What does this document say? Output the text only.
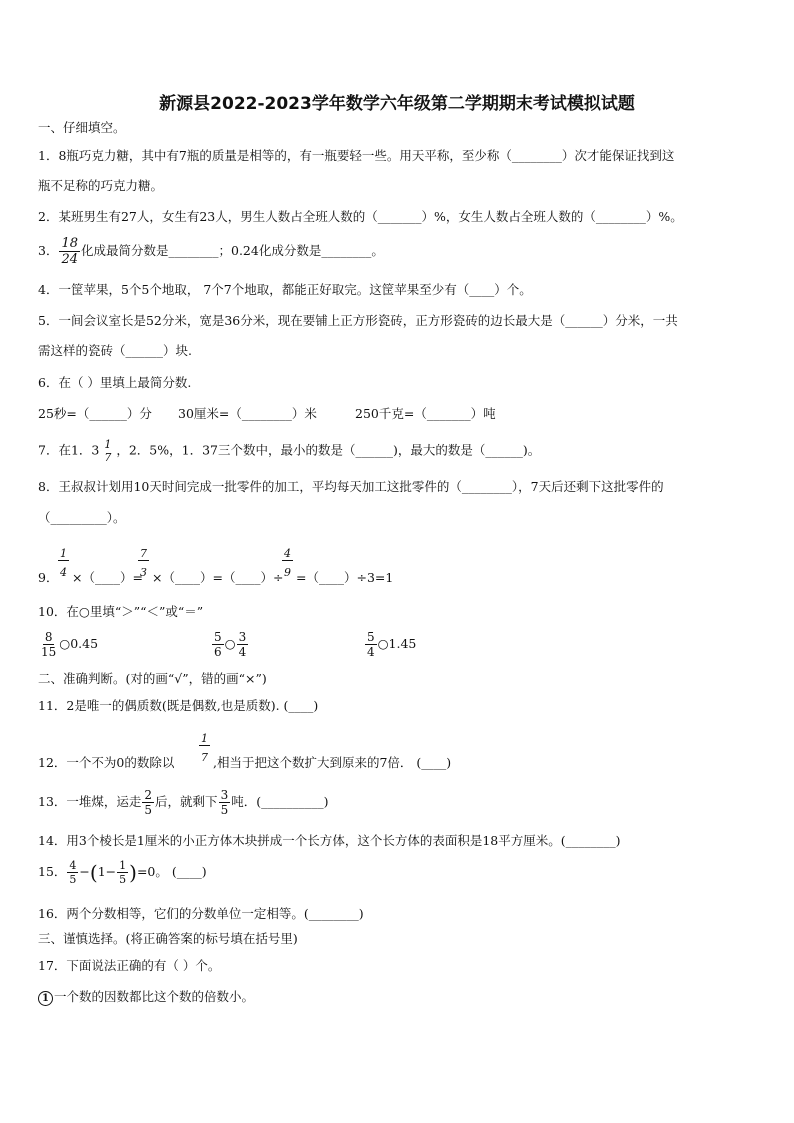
新源县2022-2023学年数学六年级第二学期期末考试模拟试题
一、仔细填空。
1．8瓶巧克力糖，其中有7瓶的质量是相等的，有一瓶要轻一些。用天平称，至少称（________）次才能保证找到这
瓶不足称的巧克力糖。
2．某班男生有27人，女生有23人，男生人数占全班人数的（_______）%，女生人数占全班人数的（________）%。
3． $\frac{18}{24}$ 化成最简分数是________；0.24化成分数是________。
4．一筐苹果，5个5个地取， 7个7个地取，都能正好取完。这筐苹果至少有（____）个。
5．一间会议室长是52分米，宽是36分米，现在要铺上正方形瓷砖，正方形瓷砖的边长最大是（______）分米，一共
需这样的瓷砖（______）块.
6．在（ ）里填上最简分数.
25秒=（______）分 30厘米=（________）米	250千克=（_______）吨
7．在1．3 1
7 ，2．5%，1．37三个数中，最小的数是（______)，最大的数是（______)。
8．王叔叔计划用10天时间完成一批零件的加工，平均每天加工这批零件的（________），7天后还剩下这批零件的
（_________）。
9． $\frac{1}{4}$ ×（____）=
$\frac{7}{3}$ ×（____）=（____）÷
$\frac{4}{9}$ =（____）÷3=1
10．在○里填“＞”“＜”或“＝”
$\frac{8}{15}$ ○0.45	$\frac{5}{6}$ ○ $\frac{3}{4}$	$\frac{5}{4}$ ○1.45
二、准确判断。(对的画“√”，错的画“×”)
11．2是唯一的偶质数(既是偶数,也是质数). (____)
12．一个不为0的数除以 $\frac{1}{7}$ ,相当于把这个数扩大到原来的7倍． (____)
13．一堆煤，运走 $\frac{2}{5}$ 后，就剩下 $\frac{3}{5}$ 吨．(__________)
14．用3个棱长是1厘米的小正方体木块拼成一个长方体，这个长方体的表面积是18平方厘米。(________)
15． $\frac{4}{5} -(1- \frac{1}{5} )=0$。 (____)
16．两个分数相等，它们的分数单位一定相等。(________)
三、谨慎选择。(将正确答案的标号填在括号里)
17．下面说法正确的有（ ）个。
1 一个数的因数都比这个数的倍数小。
